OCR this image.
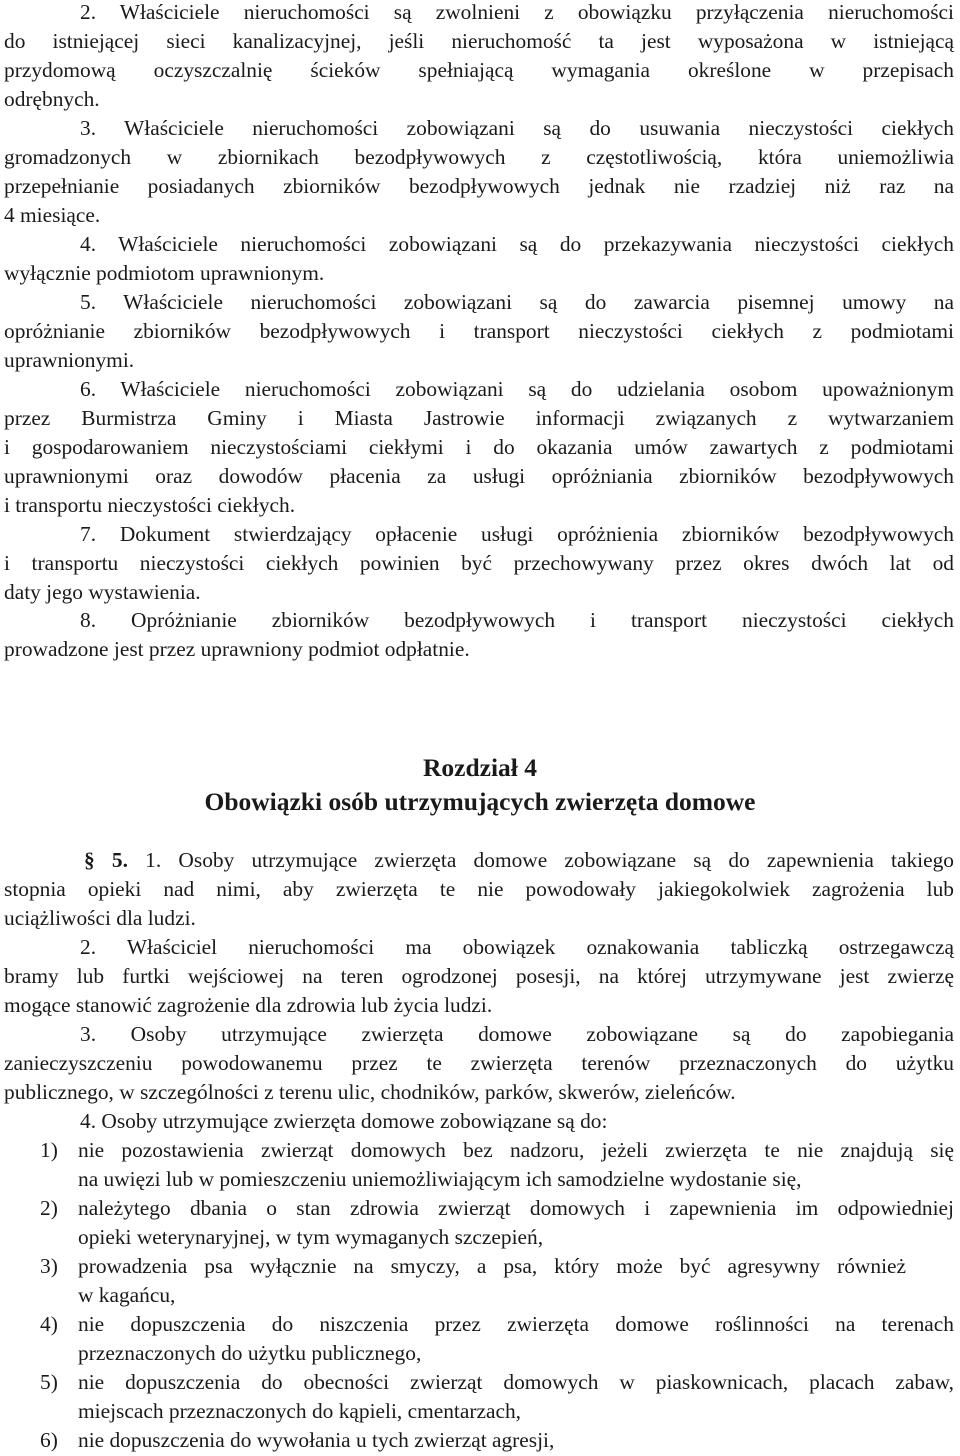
2. Właściciele nieruchomości są zwolnieni z obowiązku przyłączenia nieruchomości
do istniejącej sieci kanalizacyjnej, jeśli nieruchomość ta jest wyposażona w istniejącą
przydomową oczyszczalnię ścieków spełniającą wymagania określone w przepisach
odrębnych.
3. Właściciele nieruchomości zobowiązani są do usuwania nieczystości ciekłych
gromadzonych w zbiornikach bezodpływowych z częstotliwością, która uniemożliwia
przepełnianie posiadanych zbiorników bezodpływowych jednak nie rzadziej niż raz na
4 miesiące.
4. Właściciele nieruchomości zobowiązani są do przekazywania nieczystości ciekłych
wyłącznie podmiotom uprawnionym.
5. Właściciele nieruchomości zobowiązani są do zawarcia pisemnej umowy na
opróżnianie zbiorników bezodpływowych i transport nieczystości ciekłych z podmiotami
uprawnionymi.
6. Właściciele nieruchomości zobowiązani są do udzielania osobom upoważnionym
przez Burmistrza Gminy i Miasta Jastrowie informacji związanych z wytwarzaniem
i gospodarowaniem nieczystościami ciekłymi i do okazania umów zawartych z podmiotami
uprawnionymi oraz dowodów płacenia za usługi opróżniania zbiorników bezodpływowych
i transportu nieczystości ciekłych.
7. Dokument stwierdzający opłacenie usługi opróżnienia zbiorników bezodpływowych
i transportu nieczystości ciekłych powinien być przechowywany przez okres dwóch lat od
daty jego wystawienia.
8. Opróżnianie zbiorników bezodpływowych i transport nieczystości ciekłych
prowadzone jest przez uprawniony podmiot odpłatnie.
Rozdział 4
Obowiązki osób utrzymujących zwierzęta domowe
§ 5. 1. Osoby utrzymujące zwierzęta domowe zobowiązane są do zapewnienia takiego
stopnia opieki nad nimi, aby zwierzęta te nie powodowały jakiegokolwiek zagrożenia lub
uciążliwości dla ludzi.
2. Właściciel nieruchomości ma obowiązek oznakowania tabliczką ostrzegawczą
bramy lub furtki wejściowej na teren ogrodzonej posesji, na której utrzymywane jest zwierzę
mogące stanowić zagrożenie dla zdrowia lub życia ludzi.
3. Osoby utrzymujące zwierzęta domowe zobowiązane są do zapobiegania
zanieczyszczeniu powodowanemu przez te zwierzęta terenów przeznaczonych do użytku
publicznego, w szczególności z terenu ulic, chodników, parków, skwerów, zieleńców.
4. Osoby utrzymujące zwierzęta domowe zobowiązane są do:
1) nie pozostawienia zwierząt domowych bez nadzoru, jeżeli zwierzęta te nie znajdują się
na uwięzi lub w pomieszczeniu uniemożliwiającym ich samodzielne wydostanie się,
2) należytego dbania o stan zdrowia zwierząt domowych i zapewnienia im odpowiedniej
opieki weterynaryjnej, w tym wymaganych szczepień,
3) prowadzenia psa wyłącznie na smyczy, a psa, który może być agresywny również
w kagańcu,
4) nie dopuszczenia do niszczenia przez zwierzęta domowe roślinności na terenach
przeznaczonych do użytku publicznego,
5) nie dopuszczenia do obecności zwierząt domowych w piaskownicach, placach zabaw,
miejscach przeznaczonych do kąpieli, cmentarzach,
6) nie dopuszczenia do wywołania u tych zwierząt agresji,
